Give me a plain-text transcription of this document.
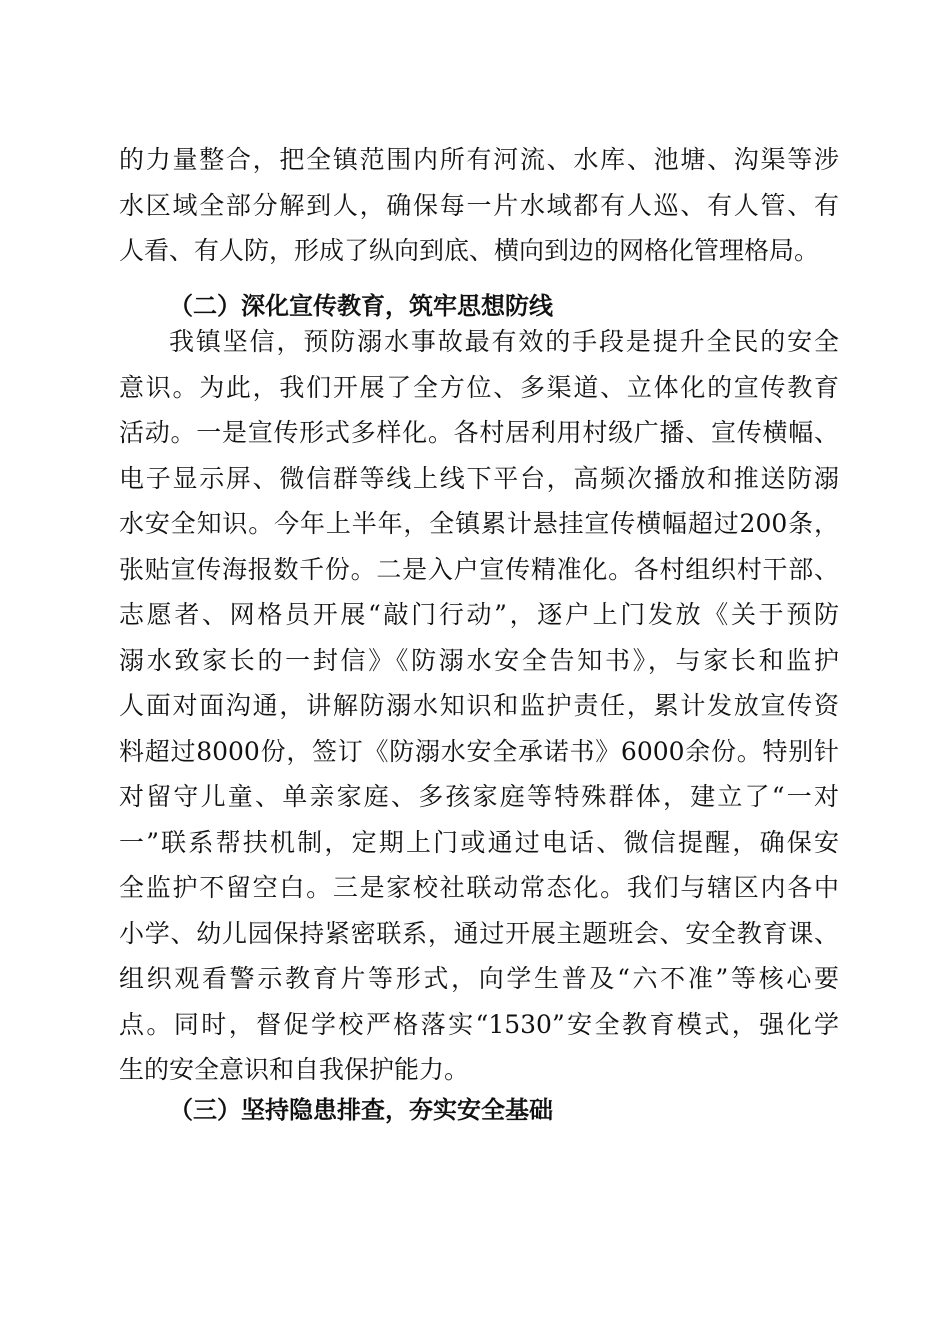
的力量整合，把全镇范围内所有河流、水库、池塘、沟渠等涉
水区域全部分解到人，确保每一片水域都有人巡、有人管、有
人看、有人防，形成了纵向到底、横向到边的网格化管理格局。
（二）深化宣传教育，筑牢思想防线
我镇坚信，预防溺水事故最有效的手段是提升全民的安全
意识。为此，我们开展了全方位、多渠道、立体化的宣传教育
活动。一是宣传形式多样化。各村居利用村级广播、宣传横幅、
电子显示屏、微信群等线上线下平台，高频次播放和推送防溺
水安全知识。今年上半年，全镇累计悬挂宣传横幅超过200条，
张贴宣传海报数千份。二是入户宣传精准化。各村组织村干部、
志愿者、网格员开展“敲门行动”，逐户上门发放《关于预防
溺水致家长的一封信》《防溺水安全告知书》，与家长和监护
人面对面沟通，讲解防溺水知识和监护责任，累计发放宣传资
料超过8000份，签订《防溺水安全承诺书》6000余份。特别针
对留守儿童、单亲家庭、多孩家庭等特殊群体，建立了“一对
一”联系帮扶机制，定期上门或通过电话、微信提醒，确保安
全监护不留空白。三是家校社联动常态化。我们与辖区内各中
小学、幼儿园保持紧密联系，通过开展主题班会、安全教育课、
组织观看警示教育片等形式，向学生普及“六不准”等核心要
点。同时，督促学校严格落实“1530”安全教育模式，强化学
生的安全意识和自我保护能力。
（三）坚持隐患排查，夯实安全基础
